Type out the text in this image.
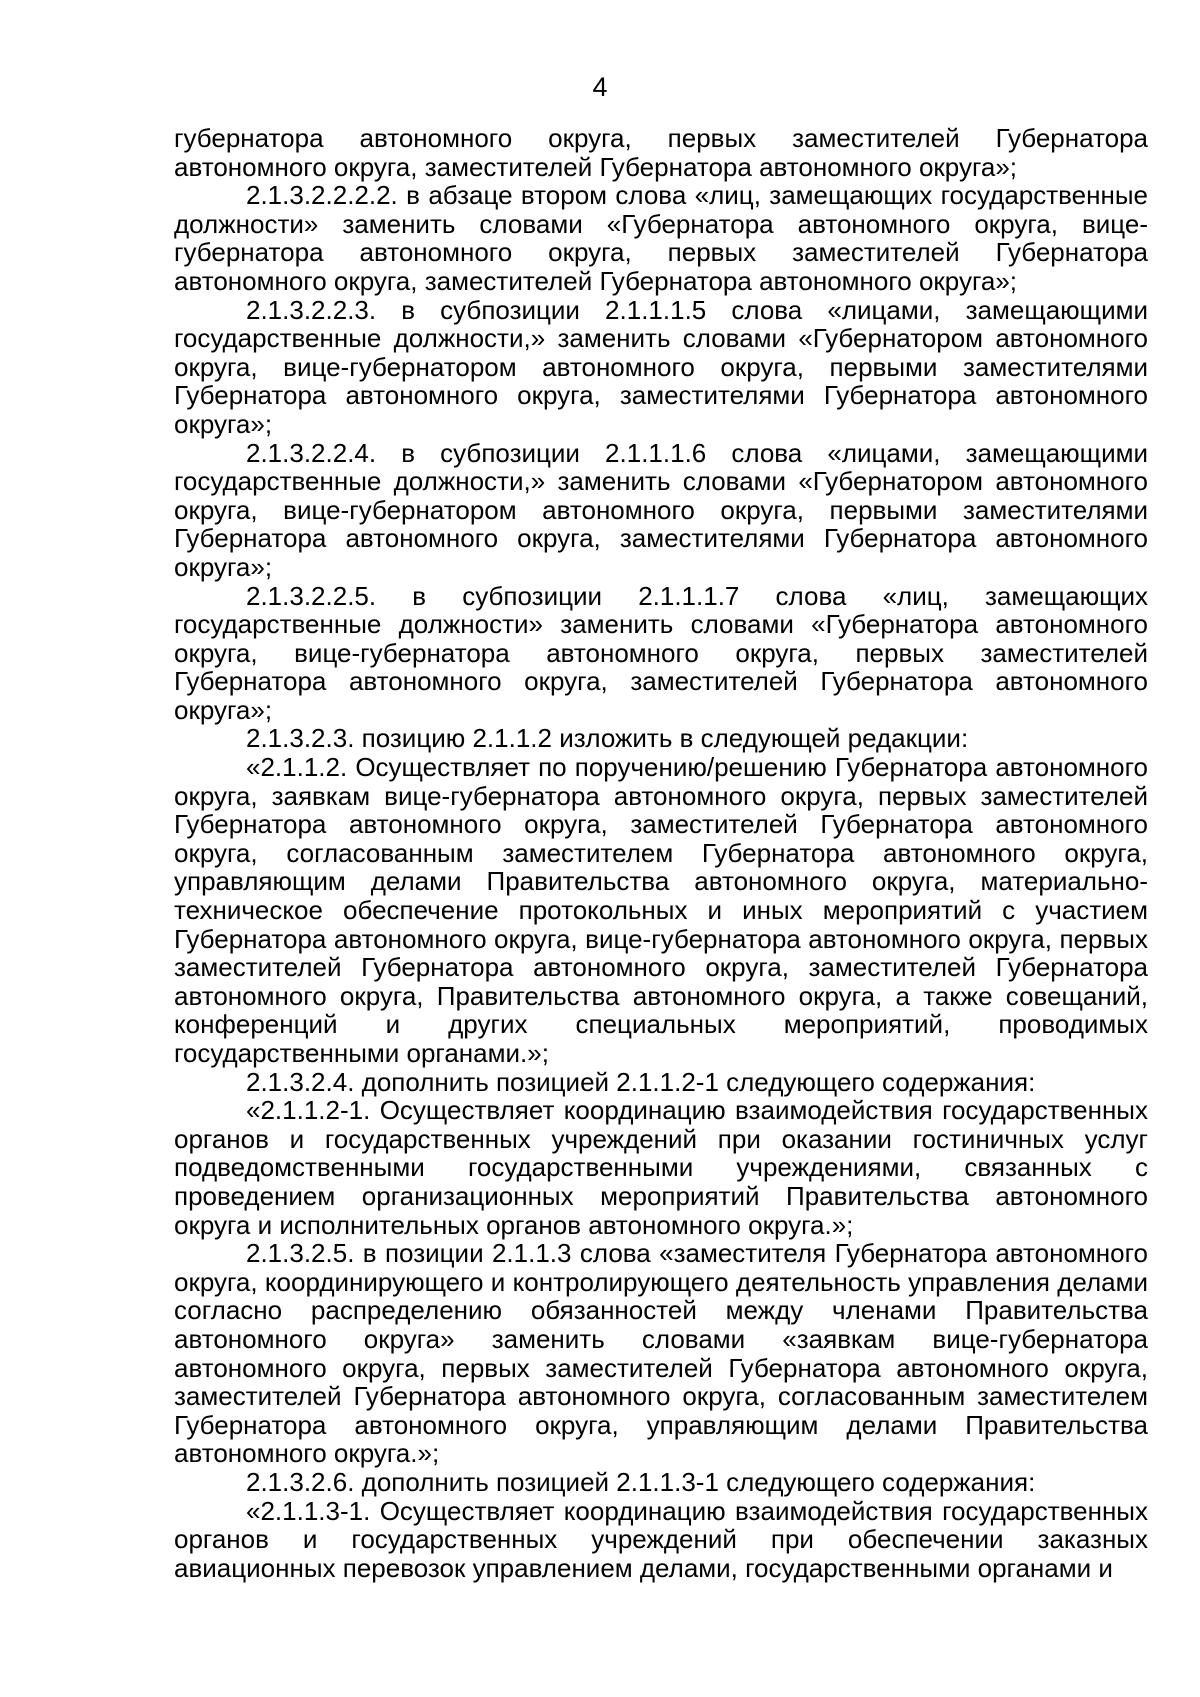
4

губернатора автономного округа, первых заместителей Губернатора автономного округа, заместителей Губернатора автономного округа»;

2.1.3.2.2.2.2. в абзаце втором слова «лиц, замещающих государственные должности» заменить словами «Губернатора автономного округа, вице-губернатора автономного округа, первых заместителей Губернатора автономного округа, заместителей Губернатора автономного округа»;

2.1.3.2.2.3. в субпозиции 2.1.1.1.5 слова «лицами, замещающими государственные должности,» заменить словами «Губернатором автономного округа, вице-губернатором автономного округа, первыми заместителями Губернатора автономного округа, заместителями Губернатора автономного округа»;

2.1.3.2.2.4. в субпозиции 2.1.1.1.6 слова «лицами, замещающими государственные должности,» заменить словами «Губернатором автономного округа, вице-губернатором автономного округа, первыми заместителями Губернатора автономного округа, заместителями Губернатора автономного округа»;

2.1.3.2.2.5. в субпозиции 2.1.1.1.7 слова «лиц, замещающих государственные должности» заменить словами «Губернатора автономного округа, вице-губернатора автономного округа, первых заместителей Губернатора автономного округа, заместителей Губернатора автономного округа»;

2.1.3.2.3. позицию 2.1.1.2 изложить в следующей редакции:

«2.1.1.2. Осуществляет по поручению/решению Губернатора автономного округа, заявкам вице-губернатора автономного округа, первых заместителей Губернатора автономного округа, заместителей Губернатора автономного округа, согласованным заместителем Губернатора автономного округа, управляющим делами Правительства автономного округа, материально-техническое обеспечение протокольных и иных мероприятий с участием Губернатора автономного округа, вице-губернатора автономного округа, первых заместителей Губернатора автономного округа, заместителей Губернатора автономного округа, Правительства автономного округа, а также совещаний, конференций и других специальных мероприятий, проводимых государственными органами.»;

2.1.3.2.4. дополнить позицией 2.1.1.2-1 следующего содержания:

«2.1.1.2-1. Осуществляет координацию взаимодействия государственных органов и государственных учреждений при оказании гостиничных услуг подведомственными государственными учреждениями, связанных с проведением организационных мероприятий Правительства автономного округа и исполнительных органов автономного округа.»;

2.1.3.2.5. в позиции 2.1.1.3 слова «заместителя Губернатора автономного округа, координирующего и контролирующего деятельность управления делами согласно распределению обязанностей между членами Правительства автономного округа» заменить словами «заявкам вице-губернатора автономного округа, первых заместителей Губернатора автономного округа, заместителей Губернатора автономного округа, согласованным заместителем Губернатора автономного округа, управляющим делами Правительства автономного округа.»;

2.1.3.2.6. дополнить позицией 2.1.1.3-1 следующего содержания:

«2.1.1.3-1. Осуществляет координацию взаимодействия государственных органов и государственных учреждений при обеспечении заказных авиационных перевозок управлением делами, государственными органами и
